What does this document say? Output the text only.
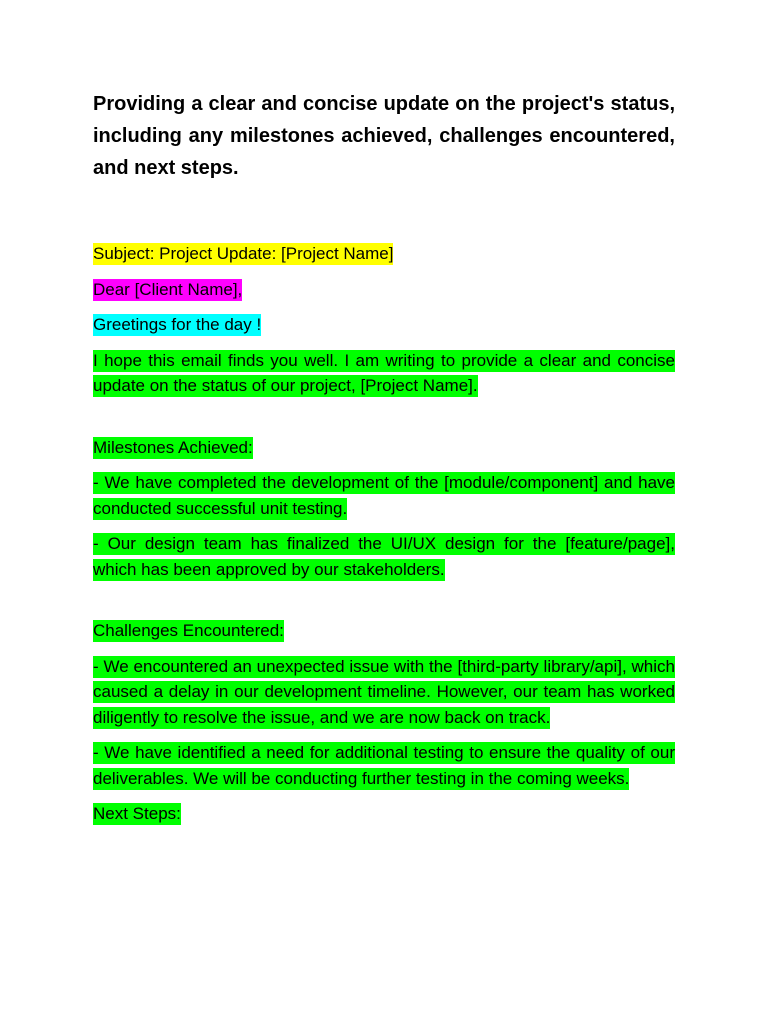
Providing a clear and concise update on the project's status, including any milestones achieved, challenges encountered, and next steps.

Subject: Project Update: [Project Name]

Dear [Client Name],

Greetings for the day !

I hope this email finds you well. I am writing to provide a clear and concise update on the status of our project, [Project Name].

Milestones Achieved:

- We have completed the development of the [module/component] and have conducted successful unit testing.

- Our design team has finalized the UI/UX design for the [feature/page], which has been approved by our stakeholders.

Challenges Encountered:

- We encountered an unexpected issue with the [third-party library/api], which caused a delay in our development timeline. However, our team has worked diligently to resolve the issue, and we are now back on track.

- We have identified a need for additional testing to ensure the quality of our deliverables. We will be conducting further testing in the coming weeks.

Next Steps:
